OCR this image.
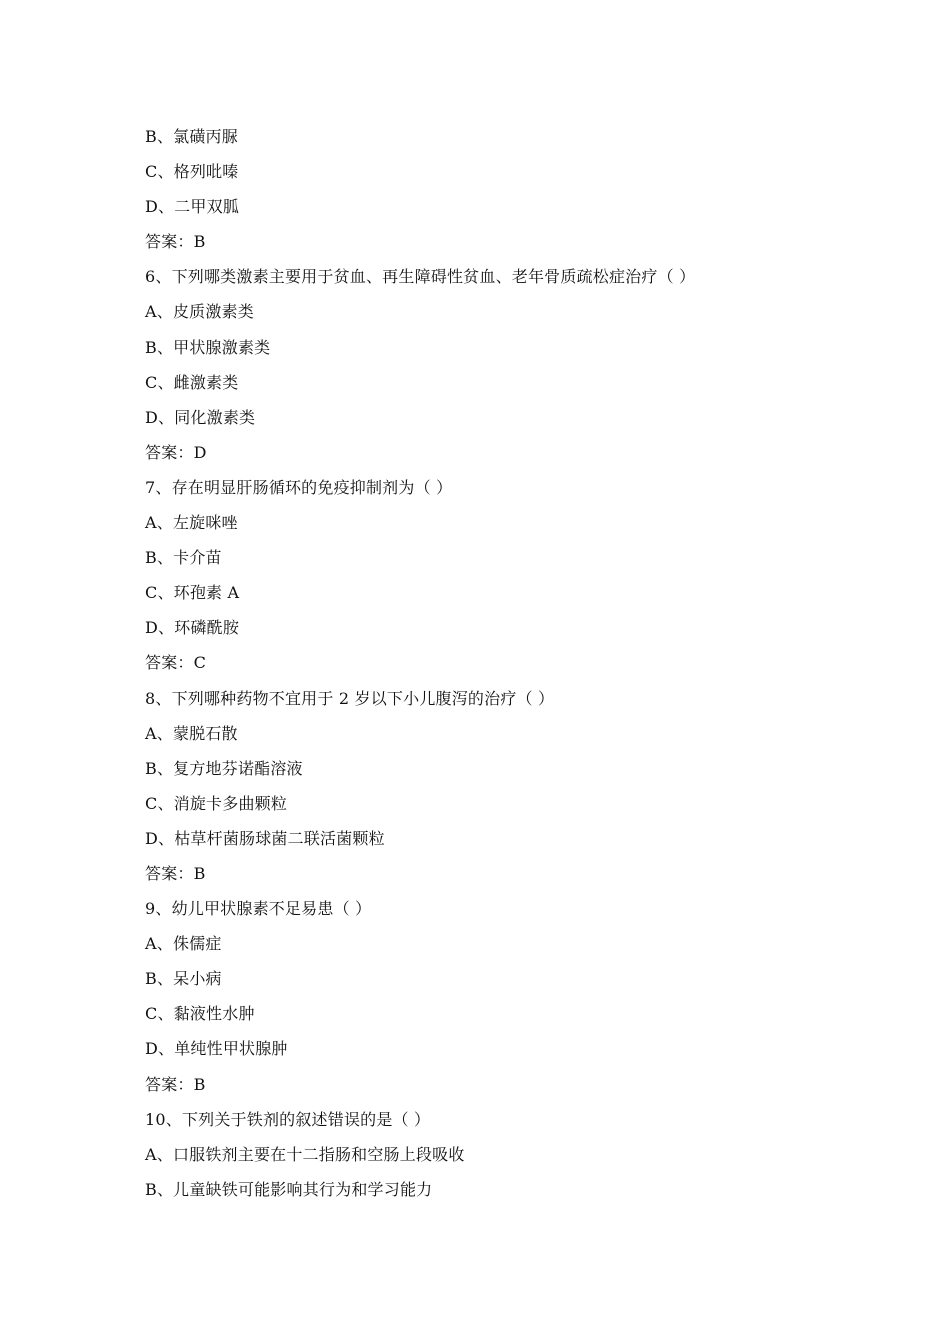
B、氯磺丙脲
C、格列吡嗪
D、二甲双胍
答案：B
6、下列哪类激素主要用于贫血、再生障碍性贫血、老年骨质疏松症治疗（ ）
A、皮质激素类
B、甲状腺激素类
C、雌激素类
D、同化激素类
答案：D
7、存在明显肝肠循环的免疫抑制剂为（ ）
A、左旋咪唑
B、卡介苗
C、环孢素 A
D、环磷酰胺
答案：C
8、下列哪种药物不宜用于 2 岁以下小儿腹泻的治疗（ ）
A、蒙脱石散
B、复方地芬诺酯溶液
C、消旋卡多曲颗粒
D、枯草杆菌肠球菌二联活菌颗粒
答案：B
9、幼儿甲状腺素不足易患（ ）
A、侏儒症
B、呆小病
C、黏液性水肿
D、单纯性甲状腺肿
答案：B
10、下列关于铁剂的叙述错误的是（ ）
A、口服铁剂主要在十二指肠和空肠上段吸收
B、儿童缺铁可能影响其行为和学习能力
